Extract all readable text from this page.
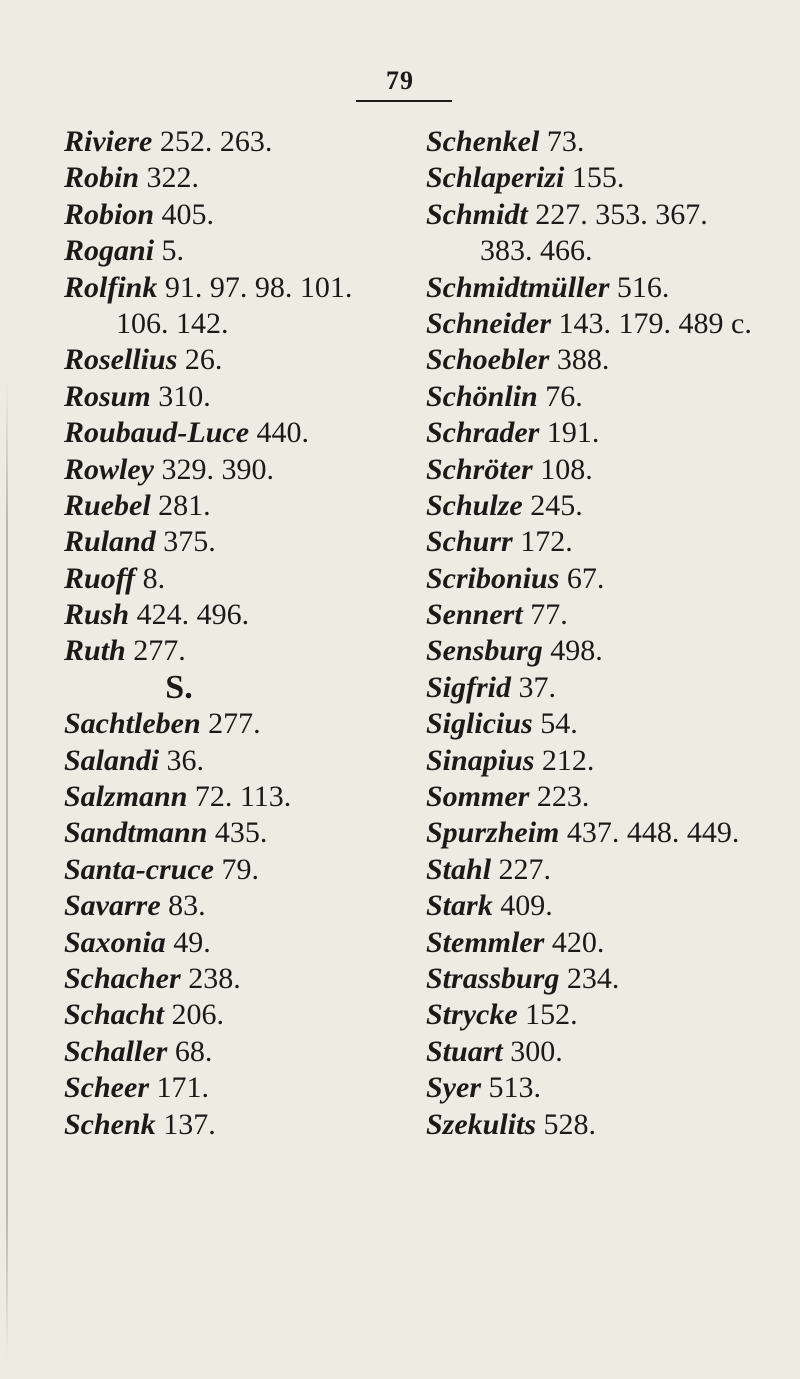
79
Riviere 252. 263.
Robin 322.
Robion 405.
Rogani 5.
Rolfink 91. 97. 98. 101.
106. 142.
Rosellius 26.
Rosum 310.
Roubaud-Luce 440.
Rowley 329. 390.
Ruebel 281.
Ruland 375.
Ruoff 8.
Rush 424. 496.
Ruth 277.
S.
Sachtleben 277.
Salandi 36.
Salzmann 72. 113.
Sandtmann 435.
Santa-cruce 79.
Savarre 83.
Saxonia 49.
Schacher 238.
Schacht 206.
Schaller 68.
Scheer 171.
Schenk 137.
Schenkel 73.
Schlaperizi 155.
Schmidt 227. 353. 367.
383. 466.
Schmidtmüller 516.
Schneider 143. 179. 489 c.
Schoebler 388.
Schönlin 76.
Schrader 191.
Schröter 108.
Schulze 245.
Schurr 172.
Scribonius 67.
Sennert 77.
Sensburg 498.
Sigfrid 37.
Siglicius 54.
Sinapius 212.
Sommer 223.
Spurzheim 437. 448. 449.
Stahl 227.
Stark 409.
Stemmler 420.
Strassburg 234.
Strycke 152.
Stuart 300.
Syer 513.
Szekulits 528.
